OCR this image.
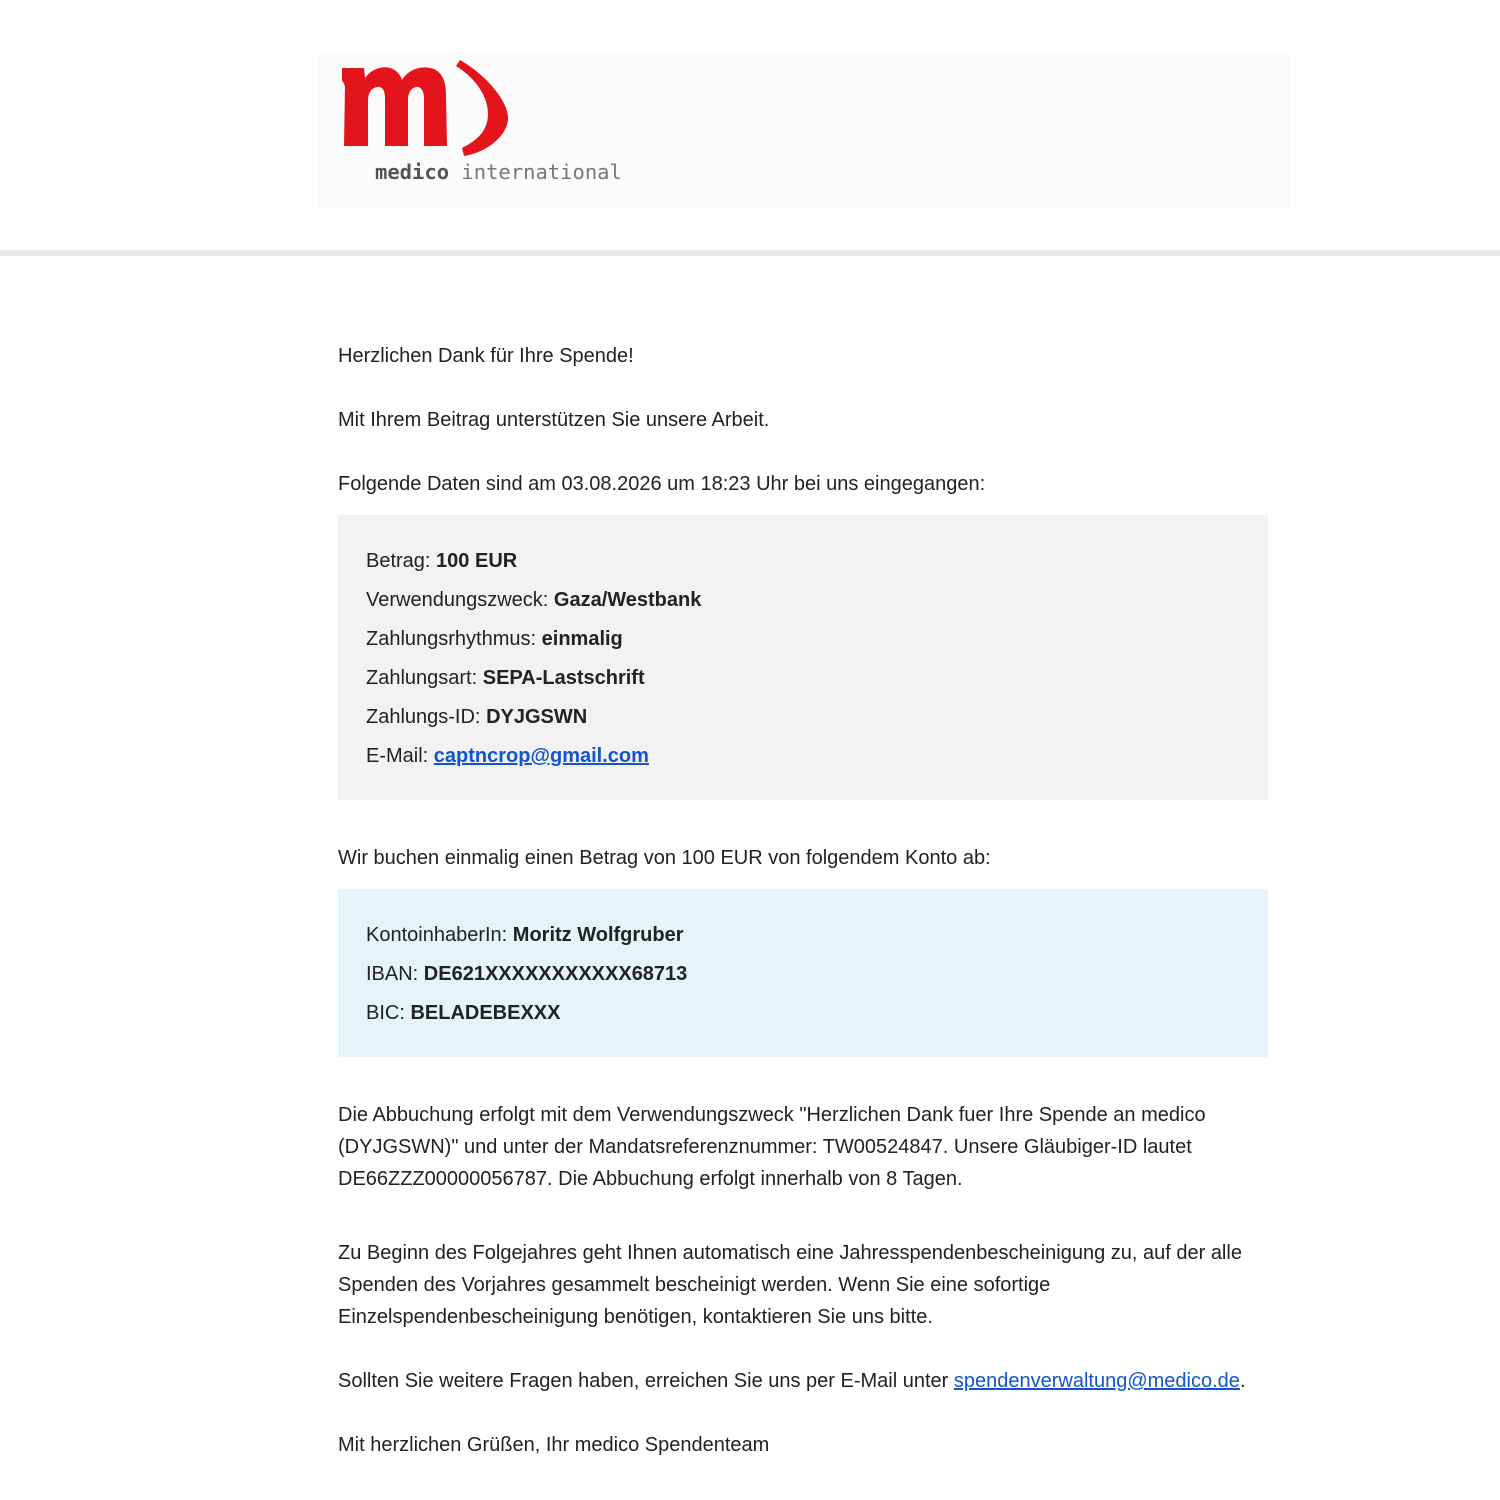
medico international

Herzlichen Dank für Ihre Spende!

Mit Ihrem Beitrag unterstützen Sie unsere Arbeit.

Folgende Daten sind am 03.08.2026 um 18:23 Uhr bei uns eingegangen:

Betrag: 100 EUR
Verwendungszweck: Gaza/Westbank
Zahlungsrhythmus: einmalig
Zahlungsart: SEPA-Lastschrift
Zahlungs-ID: DYJGSWN
E-Mail: captncrop@gmail.com

Wir buchen einmalig einen Betrag von 100 EUR von folgendem Konto ab:

KontoinhaberIn: Moritz Wolfgruber
IBAN: DE621XXXXXXXXXXX68713
BIC: BELADEBEXXX

Die Abbuchung erfolgt mit dem Verwendungszweck "Herzlichen Dank fuer Ihre Spende an medico (DYJGSWN)" und unter der Mandatsreferenznummer: TW00524847. Unsere Gläubiger-ID lautet DE66ZZZ00000056787. Die Abbuchung erfolgt innerhalb von 8 Tagen.

Zu Beginn des Folgejahres geht Ihnen automatisch eine Jahresspendenbescheinigung zu, auf der alle Spenden des Vorjahres gesammelt bescheinigt werden. Wenn Sie eine sofortige Einzelspendenbescheinigung benötigen, kontaktieren Sie uns bitte.

Sollten Sie weitere Fragen haben, erreichen Sie uns per E-Mail unter spendenverwaltung@medico.de.

Mit herzlichen Grüßen, Ihr medico Spendenteam
